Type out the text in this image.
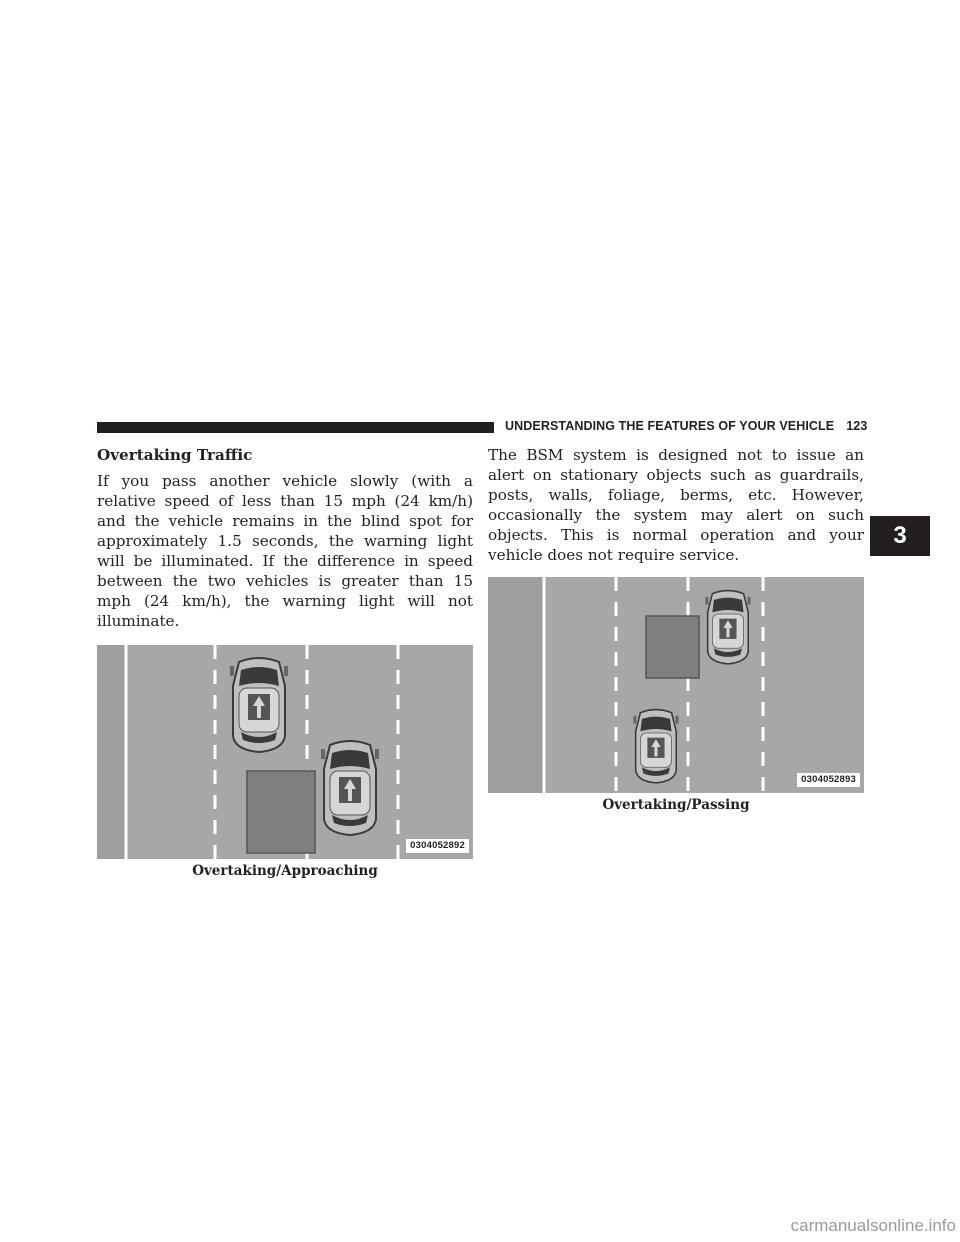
UNDERSTANDING THE FEATURES OF YOUR VEHICLE 123
3
Overtaking Traffic

If you pass another vehicle slowly (with a relative speed of less than 15 mph (24 km/h) and the vehicle remains in the blind spot for approximately 1.5 seconds, the warning light will be illuminated. If the difference in speed between the two vehicles is greater than 15 mph (24 km/h), the warning light will not illuminate.

0304052892
Overtaking/Approaching

The BSM system is designed not to issue an alert on stationary objects such as guardrails, posts, walls, foliage, berms, etc. However, occasionally the system may alert on such objects. This is normal operation and your vehicle does not require service.

0304052893
Overtaking/Passing
carmanualsonline.info
